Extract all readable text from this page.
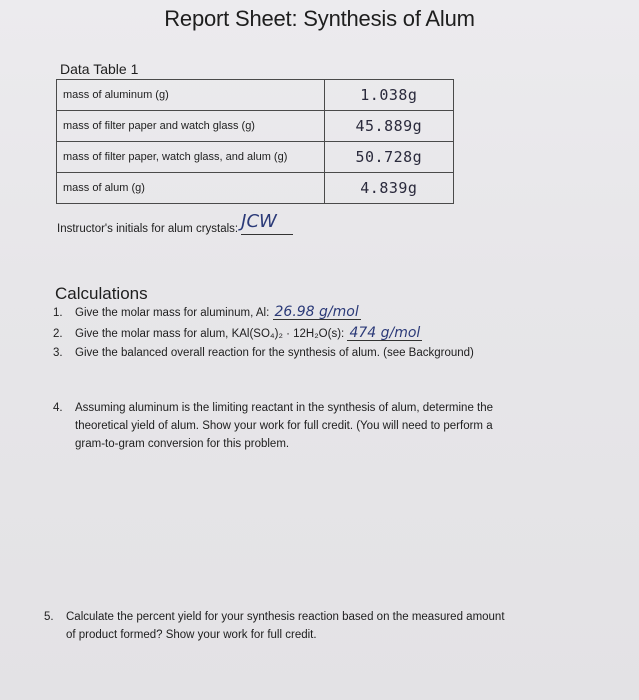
Report Sheet: Synthesis of Alum
Data Table 1
mass of aluminum (g)	1.038g
mass of filter paper and watch glass (g)	45.889g
mass of filter paper, watch glass, and alum (g)	50.728g
mass of alum (g)	4.839g
Instructor's initials for alum crystals: JCW
Calculations
1. Give the molar mass for aluminum, Al: 26.98 g/mol
2. Give the molar mass for alum, KAl(SO₄)₂ · 12H₂O(s): 474 g/mol
3. Give the balanced overall reaction for the synthesis of alum. (see Background)
4. Assuming aluminum is the limiting reactant in the synthesis of alum, determine the
theoretical yield of alum. Show your work for full credit. (You will need to perform a
gram-to-gram conversion for this problem.
5. Calculate the percent yield for your synthesis reaction based on the measured amount
of product formed? Show your work for full credit.
